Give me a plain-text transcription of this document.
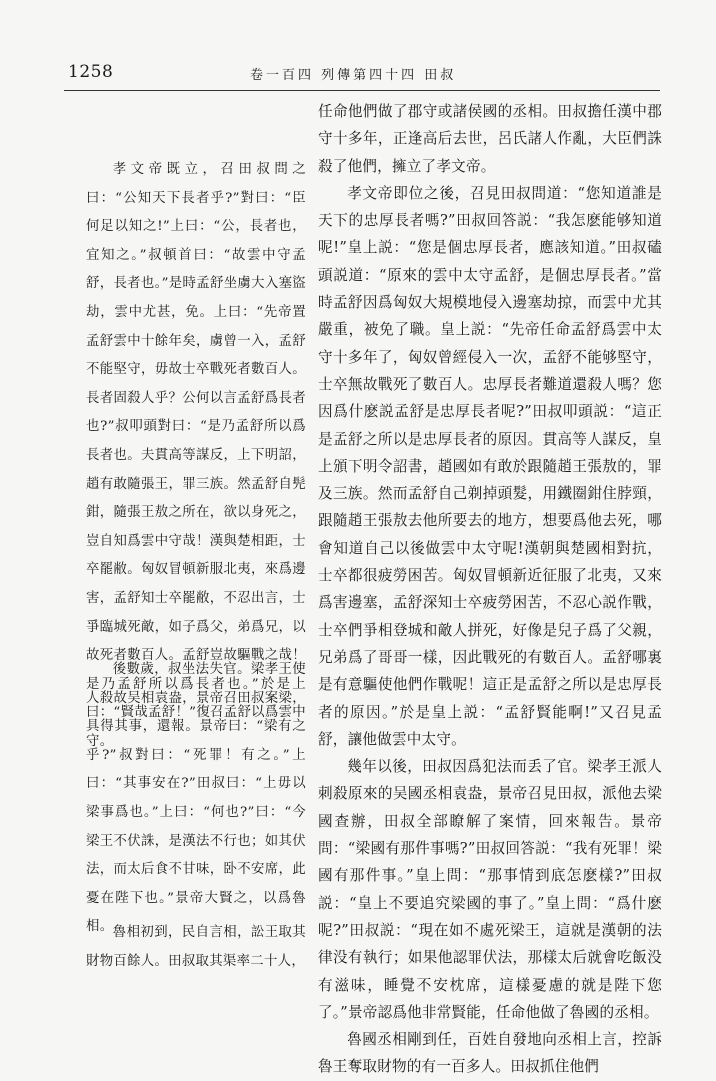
1258	卷一百四 列傳第四十四 田叔

孝文帝既立，召田叔問之曰：“公知天下長者乎?”對曰：“臣何足以知之!”上曰：“公，長者也，宜知之。”叔頓首曰：“故雲中守孟舒，長者也。”是時孟舒坐虜大入塞盜劫，雲中尤甚，免。上曰：“先帝置孟舒雲中十餘年矣，虜曾一入，孟舒不能堅守，毋故士卒戰死者數百人。長者固殺人乎？公何以言孟舒爲長者也?”叔叩頭對曰：“是乃孟舒所以爲長者也。夫貫高等謀反，上下明詔，趙有敢隨張王，罪三族。然孟舒自髡鉗，隨張王敖之所在，欲以身死之，豈自知爲雲中守哉！漢與楚相距，士卒罷敝。匈奴冒頓新服北夷，來爲邊害，孟舒知士卒罷敝，不忍出言，士爭臨城死敵，如子爲父，弟爲兄，以故死者數百人。孟舒豈故驅戰之哉！是乃孟舒所以爲長者也。”於是上曰：“賢哉孟舒！”復召孟舒以爲雲中守。

後數歲，叔坐法失官。梁孝王使人殺故吴相袁盎，景帝召田叔案梁，具得其事，還報。景帝曰：“梁有之乎?”叔對曰：“死罪！有之。”上曰：“其事安在?”田叔曰：“上毋以梁事爲也。”上曰：“何也?”曰：“今梁王不伏誅，是漢法不行也；如其伏法，而太后食不甘味，卧不安席，此憂在陛下也。”景帝大賢之，以爲魯相。 魯相初到，民自言相，訟王取其財物百餘人。田叔取其渠率二十人，

任命他們做了郡守或諸侯國的丞相。田叔擔任漢中郡守十多年，正逢高后去世，呂氏諸人作亂，大臣們誅殺了他們，擁立了孝文帝。

孝文帝即位之後，召見田叔問道：“您知道誰是天下的忠厚長者嗎?”田叔回答説：“我怎麽能够知道呢!”皇上説：“您是個忠厚長者，應該知道。”田叔磕頭説道：“原來的雲中太守孟舒，是個忠厚長者。”當時孟舒因爲匈奴大規模地侵入邊塞劫掠，而雲中尤其嚴重，被免了職。皇上説：“先帝任命孟舒爲雲中太守十多年了，匈奴曾經侵入一次，孟舒不能够堅守，士卒無故戰死了數百人。忠厚長者難道還殺人嗎？您因爲什麽説孟舒是忠厚長者呢?”田叔叩頭説：“這正是孟舒之所以是忠厚長者的原因。貫高等人謀反，皇上頒下明令詔書，趙國如有敢於跟隨趙王張敖的，罪及三族。然而孟舒自己剃掉頭髮，用鐵圈鉗住脖頸，跟隨趙王張敖去他所要去的地方，想要爲他去死，哪會知道自己以後做雲中太守呢!漢朝與楚國相對抗，士卒都很疲勞困苦。匈奴冒頓新近征服了北夷，又來爲害邊塞，孟舒深知士卒疲勞困苦，不忍心説作戰，士卒們爭相登城和敵人拼死，好像是兒子爲了父親，兄弟爲了哥哥一樣，因此戰死的有數百人。孟舒哪裏是有意驅使他們作戰呢！這正是孟舒之所以是忠厚長者的原因。”於是皇上説：“孟舒賢能啊!”又召見孟舒，讓他做雲中太守。

幾年以後，田叔因爲犯法而丢了官。梁孝王派人刺殺原來的吴國丞相袁盎，景帝召見田叔，派他去梁國查辦，田叔全部瞭解了案情，回來報告。景帝問：“梁國有那件事嗎?”田叔回答説：“我有死罪！梁國有那件事。”皇上問：“那事情到底怎麽樣?”田叔説：“皇上不要追究梁國的事了。”皇上問：“爲什麽呢?”田叔説：“現在如不處死梁王，這就是漢朝的法律没有執行；如果他認罪伏法，那樣太后就會吃飯没有滋味，睡覺不安枕席，這樣憂慮的就是陛下您了。”景帝認爲他非常賢能，任命他做了魯國的丞相。

魯國丞相剛到任，百姓自發地向丞相上言，控訴魯王奪取財物的有一百多人。田叔抓住他們
